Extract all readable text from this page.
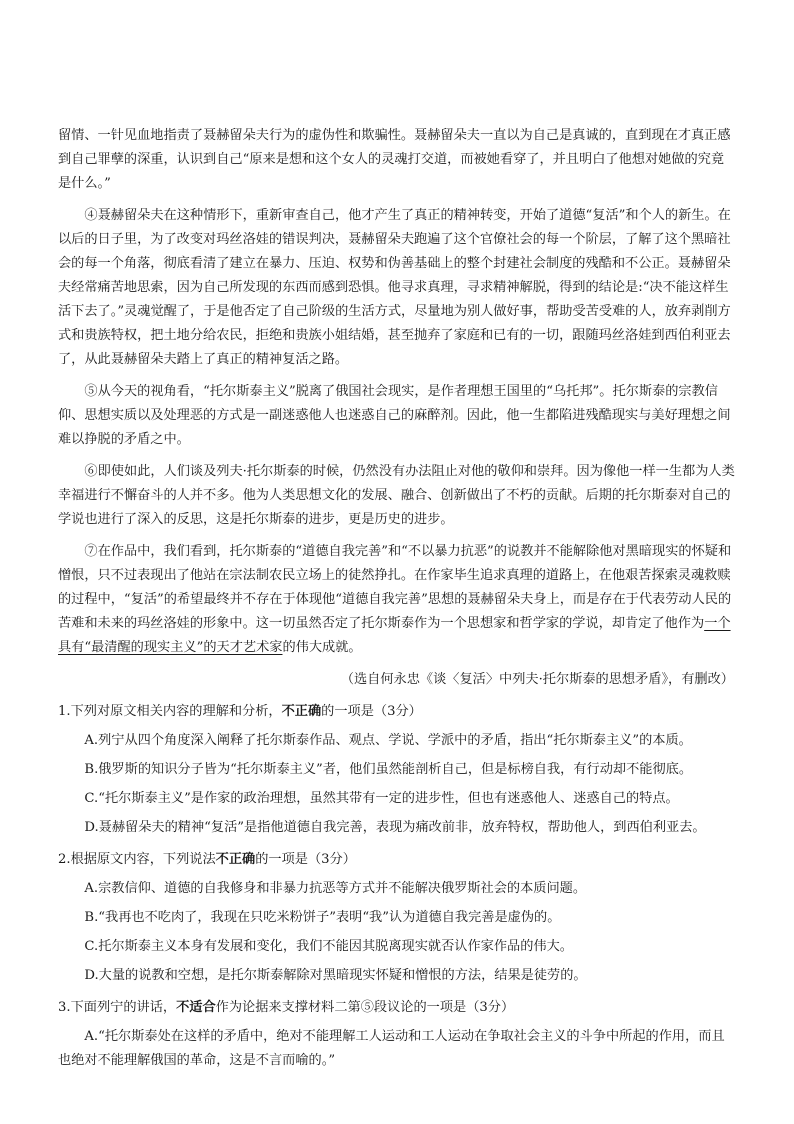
留情、一针见血地指责了聂赫留朵夫行为的虚伪性和欺骗性。聂赫留朵夫一直以为自己是真诚的，直到现在才真正感到自己罪孽的深重，认识到自己“原来是想和这个女人的灵魂打交道，而被她看穿了，并且明白了他想对她做的究竟是什么。”

④聂赫留朵夫在这种情形下，重新审查自己，他才产生了真正的精神转变，开始了道德“复活”和个人的新生。在以后的日子里，为了改变对玛丝洛娃的错误判决，聂赫留朵夫跑遍了这个官僚社会的每一个阶层，了解了这个黑暗社会的每一个角落，彻底看清了建立在暴力、压迫、权势和伪善基础上的整个封建社会制度的残酷和不公正。聂赫留朵夫经常痛苦地思索，因为自己所发现的东西而感到恐惧。他寻求真理，寻求精神解脱，得到的结论是:“决不能这样生活下去了。”灵魂觉醒了，于是他否定了自己阶级的生活方式，尽量地为别人做好事，帮助受苦受难的人，放弃剥削方式和贵族特权，把土地分给农民，拒绝和贵族小姐结婚，甚至抛弃了家庭和已有的一切，跟随玛丝洛娃到西伯利亚去了，从此聂赫留朵夫踏上了真正的精神复活之路。

⑤从今天的视角看，“托尔斯泰主义”脱离了俄国社会现实，是作者理想王国里的“乌托邦”。托尔斯泰的宗教信仰、思想实质以及处理恶的方式是一副迷惑他人也迷惑自己的麻醉剂。因此，他一生都陷进残酷现实与美好理想之间难以挣脱的矛盾之中。

⑥即使如此，人们谈及列夫·托尔斯泰的时候，仍然没有办法阻止对他的敬仰和崇拜。因为像他一样一生都为人类幸福进行不懈奋斗的人并不多。他为人类思想文化的发展、融合、创新做出了不朽的贡献。后期的托尔斯泰对自己的学说也进行了深入的反思，这是托尔斯泰的进步，更是历史的进步。

⑦在作品中，我们看到，托尔斯泰的“道德自我完善”和“不以暴力抗恶”的说教并不能解除他对黑暗现实的怀疑和憎恨，只不过表现出了他站在宗法制农民立场上的徒然挣扎。在作家毕生追求真理的道路上，在他艰苦探索灵魂救赎的过程中，“复活”的希望最终并不存在于体现他“道德自我完善”思想的聂赫留朵夫身上，而是存在于代表劳动人民的苦难和未来的玛丝洛娃的形象中。这一切虽然否定了托尔斯泰作为一个思想家和哲学家的学说，却肯定了他作为一个具有“最清醒的现实主义”的天才艺术家的伟大成就。

（选自何永忠《谈〈复活〉中列夫·托尔斯泰的思想矛盾》，有删改）

1.下列对原文相关内容的理解和分析，不正确的一项是（3分）

A.列宁从四个角度深入阐释了托尔斯泰作品、观点、学说、学派中的矛盾，指出“托尔斯泰主义”的本质。

B.俄罗斯的知识分子皆为“托尔斯泰主义”者，他们虽然能剖析自己，但是标榜自我，有行动却不能彻底。

C.“托尔斯泰主义”是作家的政治理想，虽然其带有一定的进步性，但也有迷惑他人、迷惑自己的特点。

D.聂赫留朵夫的精神“复活”是指他道德自我完善，表现为痛改前非，放弃特权，帮助他人，到西伯利亚去。

2.根据原文内容，下列说法不正确的一项是（3分）

A.宗教信仰、道德的自我修身和非暴力抗恶等方式并不能解决俄罗斯社会的本质问题。

B.“我再也不吃肉了，我现在只吃米粉饼子”表明“我”认为道德自我完善是虚伪的。

C.托尔斯泰主义本身有发展和变化，我们不能因其脱离现实就否认作家作品的伟大。

D.大量的说教和空想，是托尔斯泰解除对黑暗现实怀疑和憎恨的方法，结果是徒劳的。

3.下面列宁的讲话，不适合作为论据来支撑材料二第⑤段议论的一项是（3分）

A.“托尔斯泰处在这样的矛盾中，绝对不能理解工人运动和工人运动在争取社会主义的斗争中所起的作用，而且也绝对不能理解俄国的革命，这是不言而喻的。”
